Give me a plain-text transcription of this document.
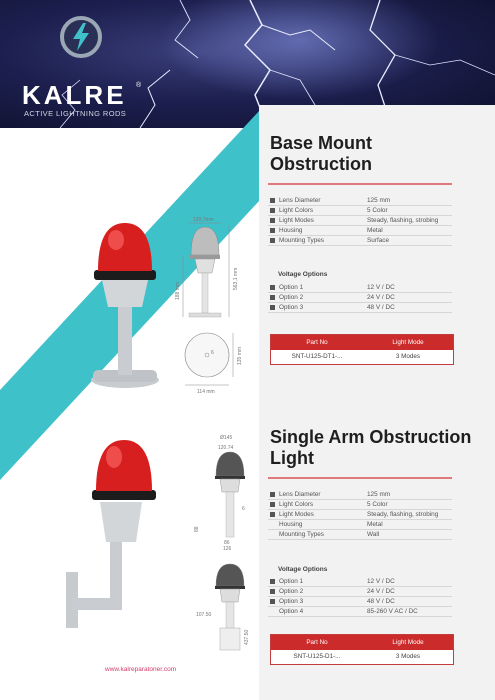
KALRE ®
ACTIVE LIGHTNING RODS
120,7mm
188 mm
563,1 mm
6	135 mm
114 mm
Base Mount Obstruction
Lens Diameter	125 mm
Light Colors	5 Color
Light Modes	Steady, flashing, strobing
Housing	Metal
Mounting Types	Surface
Voltage Options
Option 1	12 V / DC
Option 2	24 V / DC
Option 3	48 V / DC
Part No	Light Mode
SNT-U125-DT1-...	3 Modes
Ø145
120.74
88
6
86
126
107.50
437.50
Single Arm Obstruction Light
Lens Diameter	125 mm
Light Colors	5 Color
Light Modes	Steady, flashing, strobing
Housing	Metal
Mounting Types	Wall
Voltage Options
Option 1	12 V / DC
Option 2	24 V / DC
Option 3	48 V / DC
Option 4	85-260 V AC / DC
Part No	Light Mode
SNT-U125-D1-...	3 Modes
www.kalreparatoner.com
